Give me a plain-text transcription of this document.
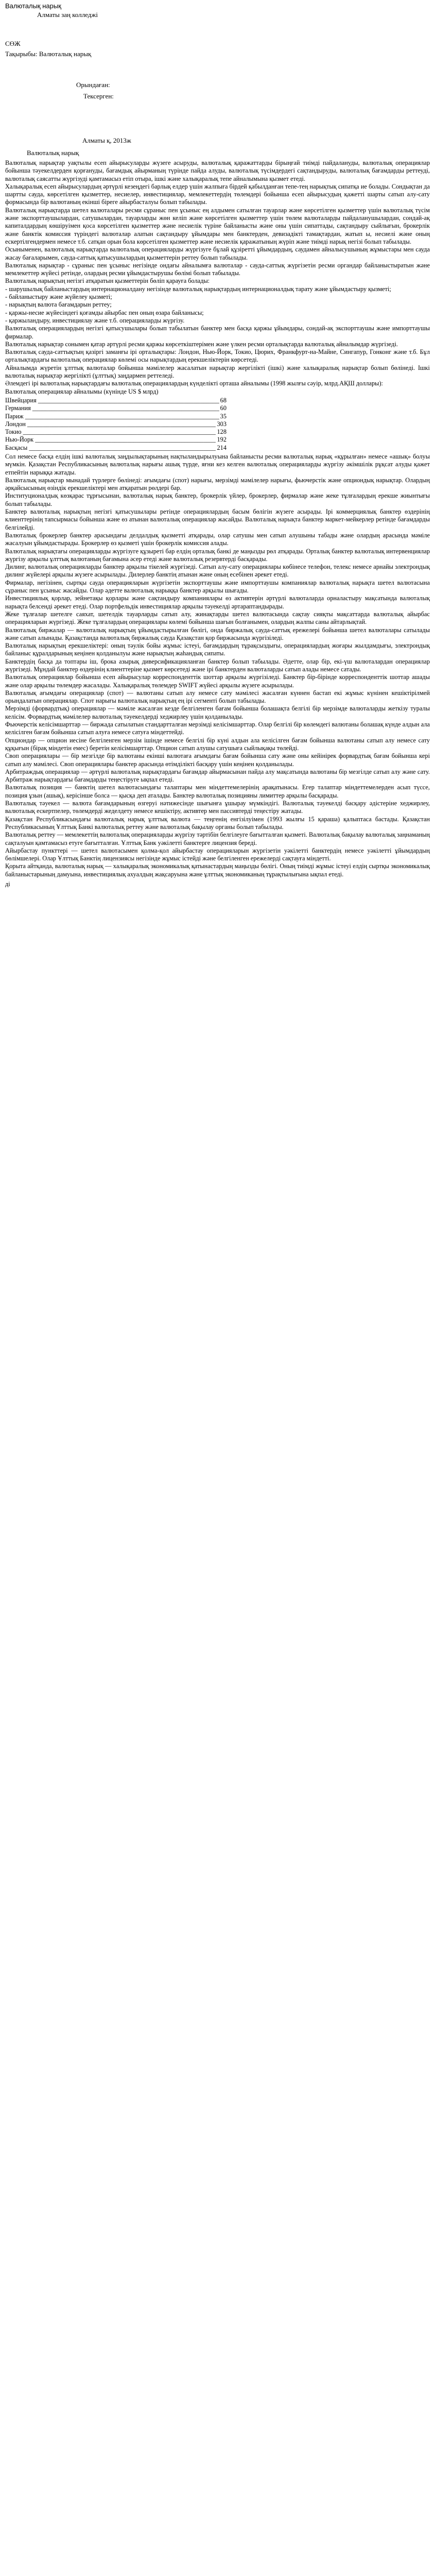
Валюталық нарық
Алматы заң колледжі
СӨЖ
Тақырыбы: Валюталық нарық
Орындаған:
Тексерген:
Алматы қ, 2013ж
Валюталық нарық

Валюталық нарықтар уақтылы есеп айырысуларды жүзеге асыруды, валюталық қаражаттарды бірыңғай тиімді пайдалануды, валюталық операциялар бойынша тәуекелдерден қорғануды, бағамдық айырманың түрінде пайда алуды, валюталық түсімдердегі сақтандыруды, валюталық бағамдарды реттеуді, валюталық саясатты жүргізуді қамтамасыз етіп отыра, ішкі және халықаралық тепе айналымына қызмет етеді.

Халықаралық есеп айырысулардың әртүрлі кезеңдегі барлық елдер үшін жалпыға бірдей қабылданған тепе-тең нарықтық сипатқа ие болады. Сондықтан да шартты сауда, көрсетілген қызметтер, несиелер, инвестициялар, мемлекеттердің төлемдері бойынша есеп айырысудың қажетті шарты сатып алу-сату формасында бір валютаның екінші біреге айырбасталуы болып табылады.

Валюталық нарықтарда шетел валюталары ресми сұраныс пен ұсыныс ең алдымен сатылған тауарлар және көрсетілген қызметтер үшін валюталық түсім және экспорттаушылардан, сатушылардан, тауарларды жөн келіп және көрсетілген қызметтер үшін төлем валюталарды пайдаланушылардан, сондай-ақ капиталдардың көшіруімен қоса көрсетілген қызметтер және несиелік түріне байланысты және оны үшін сипаттады, сақтандыру сыйлығын, брокерлік және банктік комиссия түріндегі валюталар алатын сақтандыру ұйымдары мен банктерден, девизадікті тамақтардан, жатып ы, несиелі және оның ескертілгендермен немесе т.б. сатқан орын бола көрсетілген қызметтер және несиелік қаражатының жүріп және тиімді нарық негізі болып табылады.

Осыныменен, валюталық нарықтарда валюталық операцияларды жүргізуге бұлай құзіретті ұйымдардың, саудамен айналысушының жұмыстары мен сауда жасау бағаларымен, сауда-саттық қатысушылардың қызметтерін реттеу болып табылады.

Валюталық нарықтар - сұраныс пен ұсыныс негізінде ондағы айналымға валюталар - сауда-саттық жүргізетін ресми органдар байланыстыратын және мемлекеттер жүйесі ретінде, олардың ресми ұйымдастырушы бөлімі болып табылады.

Валюталық нарықтың негізгі атқаратын қызметтерін бөліп қарауға болады:

- шарушылық байланыстардың интернационалдану негізінде валюталық нарықтардың интернационалдық тарату және ұйымдастыру қызметі;

- байланыстыру және жүйелеу қызметі;

- нарықтың валюта бағамдарын реттеу;

- қаржы-несие жүйесіндегі қоғамды айырбас пен оның өзара байланысы;

- қаржыландыру, инвестициялау және т.б. операцияларды жүргізу.

Валюталық операциялардың негізгі қатысушылары болып табылатын банктер мен басқа қаржы ұйымдары, сондай-ақ экспорттаушы және импорттаушы фирмалар.

Валюталық нарықтар сонымен қатар әртүрлі ресми қаржы көрсеткіштерімен және үлкен ресми орталықтарда валюталық айналымдар жүргізеді.

Валюталық сауда-саттықтың қазіргі заманғы ірі орталықтары: Лондон, Нью-Йорк, Токио, Цюрих, Франкфурт-на-Майне, Сингапур, Гонконг және т.б. Бұл орталықтардағы валюталық операциялар көлемі осы нарықтардың ерекшеліктерін көрсетеді.

Айналымда жүретін ұлттық валюталар бойынша мәмілелер жасалатын нарықтар жергілікті (ішкі) және халықаралық нарықтар болып бөлінеді. Ішкі валюталық нарықтар жергілікті (ұлттық) заңдармен реттеледі.

Әлемдегі ірі валюталық нарықтардағы валюталық операциялардың күнделікті орташа айналымы (1998 жылғы сәуір, млрд.АҚШ доллары):

Валюталық операциялар айналымы (күнінде US $ млрд)

Швейцария _____	68
Германия _____	60
Париж _____	35
Лондон _____	303
Токио _____	128
Нью-Йорк _____	192
Басқасы _____	214

Сол немесе басқа елдің ішкі валюталық заңдылықтарының нақтыландырылуына байланысты ресми валюталық нарық «құрылған» немесе «ашық» болуы мүмкін. Қазақстан Республикасының валюталық нарығы ашық түрде, яғни кез келген валюталық операцияларды жүргізу әкімшілік рұқсат алуды қажет етпейтін нарыққа жатады.

Валюталық нарықтар мынадай түрлерге бөлінеді: ағымдағы (спот) нарығы, мерзімді мәмілелер нарығы, фьючерстік және опциондық нарықтар. Олардың әрқайсысының өзіндік ерекшеліктері мен атқаратын рөлдері бар.

Институционалдық көзқарас тұрғысынан, валюталық нарық банктер, брокерлік үйлер, брокерлер, фирмалар және жеке тұлғалардың ерекше жиынтығы болып табылады.

Банктер валюталық нарықтың негізгі қатысушылары ретінде операциялардың басым бөлігін жүзеге асырады. Ірі коммерциялық банктер өздерінің клиенттерінің тапсырмасы бойынша және өз атынан валюталық операциялар жасайды. Валюталық нарықта банктер маркет-мейкерлер ретінде бағамдарды белгілейді.

Валюталық брокерлер банктер арасындағы делдалдық қызметті атқарады, олар сатушы мен сатып алушыны табады және олардың арасында мәміле жасалуын ұйымдастырады. Брокерлер өз қызметі үшін брокерлік комиссия алады.

Валюталық нарықтағы операцияларды жүргізуге құзыреті бар елдің орталық банкі де маңызды рөл атқарады. Орталық банктер валюталық интервенциялар жүргізу арқылы ұлттық валютаның бағамына әсер етеді және валюталық резервтерді басқарады.

Дилинг, валюталық операцияларды банктер арқылы тікелей жүргізеді. Сатып алу-сату операциялары көбінесе телефон, телекс немесе арнайы электрондық дилинг жүйелері арқылы жүзеге асырылады. Дилерлер банктің атынан және оның есебінен әрекет етеді.

Фирмалар, негізінен, сыртқы сауда операцияларын жүргізетін экспорттаушы және импорттаушы компаниялар валюталық нарықта шетел валютасына сұраныс пен ұсыныс жасайды. Олар әдетте валюталық нарыққа банктер арқылы шығады.

Инвестициялық қорлар, зейнетақы қорлары және сақтандыру компаниялары өз активтерін әртүрлі валюталарда орналастыру мақсатында валюталық нарықта белсенді әрекет етеді. Олар портфельдік инвестициялар арқылы тәуекелді әртараптандырады.

Жеке тұлғалар шетелге саяхат, шетелдік тауарларды сатып алу, жинақтарды шетел валютасында сақтау сияқты мақсаттарда валюталық айырбас операцияларын жүргізеді. Жеке тұлғалардың операциялары көлемі бойынша шағын болғанымен, олардың жалпы саны айтарлықтай.

Валюталық биржалар — валюталық нарықтың ұйымдастырылған бөлігі, онда биржалық сауда-саттық ережелері бойынша шетел валюталары сатылады және сатып алынады. Қазақстанда валюталық биржалық сауда Қазақстан қор биржасында жүргізіледі.

Валюталық нарықтың ерекшеліктері: оның тәулік бойы жұмыс істеуі, бағамдардың тұрақсыздығы, операциялардың жоғары жылдамдығы, электрондық байланыс құралдарының кеңінен қолданылуы және нарықтың жаһандық сипаты.

Банктердің басқа да топтары іш, брока азырық диверсификацияланған банктер болып табылады. Әдетте, олар бір, екі-үш валюталардан операциялар жүргізеді. Мұндай банктер өздерінің клиенттеріне қызмет көрсетеді және ірі банктерден валюталарды сатып алады немесе сатады.

Валюталық операциялар бойынша есеп айырысулар корреспонденттік шоттар арқылы жүргізіледі. Банктер бір-бірінде корреспонденттік шоттар ашады және олар арқылы төлемдер жасалады. Халықаралық төлемдер SWIFT жүйесі арқылы жүзеге асырылады.

Валюталық ағымдағы операциялар (спот) — валютаны сатып алу немесе сату мәмілесі жасалған күннен бастап екі жұмыс күнінен кешіктірілмей орындалатын операциялар. Спот нарығы валюталық нарықтың ең ірі сегменті болып табылады.

Мерзімді (форвардтық) операциялар — мәміле жасалған кезде белгіленген бағам бойынша болашақта белгілі бір мерзімде валюталарды жеткізу туралы келісім. Форвардтық мәмілелер валюталық тәуекелдерді хеджирлеу үшін қолданылады.

Фьючерстік келісімшарттар — биржада сатылатын стандартталған мерзімді келісімшарттар. Олар белгілі бір көлемдегі валютаны болашақ күнде алдын ала келісілген бағам бойынша сатып алуға немесе сатуға міндеттейді.

Опциондар — опцион иесіне белгіленген мерзім ішінде немесе белгілі бір күні алдын ала келісілген бағам бойынша валютаны сатып алу немесе сату құқығын (бірақ міндетін емес) беретін келісімшарттар. Опцион сатып алушы сатушыға сыйлықақы төлейді.

Своп операциялары — бір мезгілде бір валютаны екінші валютаға ағымдағы бағам бойынша сату және оны кейінірек форвардтық бағам бойынша кері сатып алу мәмілесі. Своп операциялары банктер арасында өтімділікті басқару үшін кеңінен қолданылады.

Арбитраждық операциялар — әртүрлі валюталық нарықтардағы бағамдар айырмасынан пайда алу мақсатында валютаны бір мезгілде сатып алу және сату. Арбитраж нарықтардағы бағамдарды теңестіруге ықпал етеді.

Валюталық позиция — банктің шетел валютасындағы талаптары мен міндеттемелерінің арақатынасы. Егер талаптар міндеттемелерден асып түссе, позиция ұзын (ашық), керісінше болса — қысқа деп аталады. Банктер валюталық позицияны лимиттер арқылы басқарады.

Валюталық тәуекел — валюта бағамдарының өзгеруі нәтижесінде шығынға ұшырау мүмкіндігі. Валюталық тәуекелді басқару әдістеріне хеджирлеу, валюталық ескертпелер, төлемдерді жеделдету немесе кешіктіру, активтер мен пассивтерді теңестіру жатады.

Қазақстан Республикасындағы валюталық нарық ұлттық валюта — теңгенің енгізілуімен (1993 жылғы 15 қараша) қалыптаса бастады. Қазақстан Республикасының Ұлттық Банкі валюталық реттеу және валюталық бақылау органы болып табылады.

Валюталық реттеу — мемлекеттің валюталық операцияларды жүргізу тәртібін белгілеуге бағытталған қызметі. Валюталық бақылау валюталық заңнаманың сақталуын қамтамасыз етуге бағытталған. Ұлттық Банк уәкілетті банктерге лицензия береді.

Айырбастау пункттері — шетел валютасымен қолма-қол айырбастау операцияларын жүргізетін уәкілетті банктердің немесе уәкілетті ұйымдардың бөлімшелері. Олар Ұлттық Банктің лицензиясы негізінде жұмыс істейді және белгіленген ережелерді сақтауға міндетті.

Қорыта айтқанда, валюталық нарық — халықаралық экономикалық қатынастардың маңызды бөлігі. Оның тиімді жұмыс істеуі елдің сыртқы экономикалық байланыстарының дамуына, инвестициялық ахуалдың жақсаруына және ұлттық экономиканың тұрақтылығына ықпал етеді.

ді
